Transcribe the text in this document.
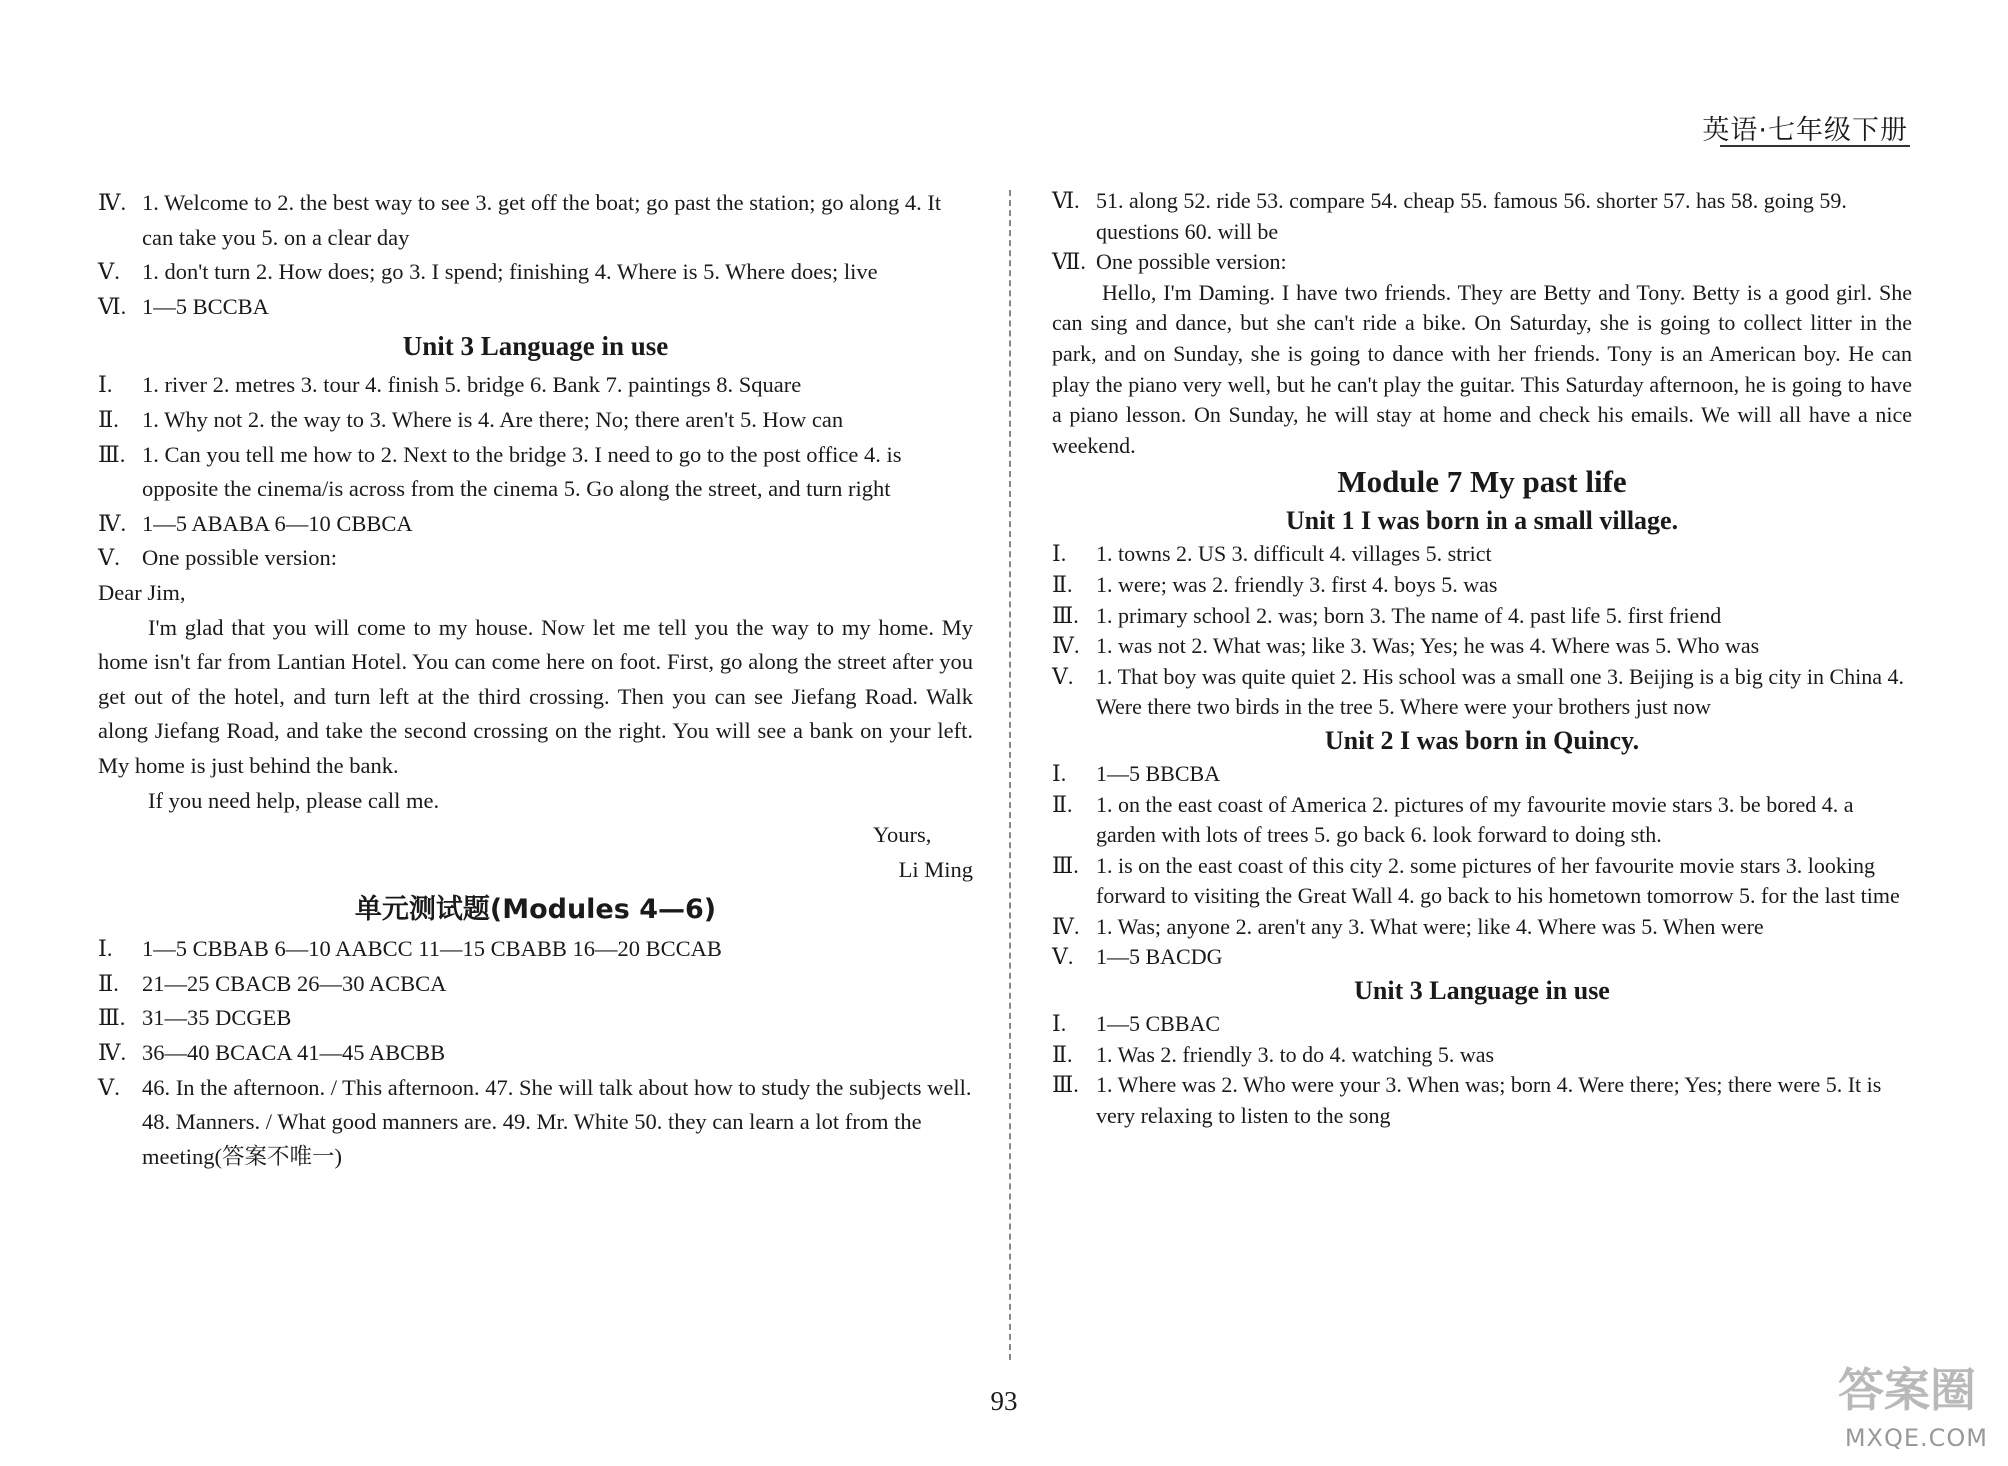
英语·七年级下册
Ⅳ. 1. Welcome to 2. the best way to see 3. get off the boat; go past the station; go along 4. It can take you 5. on a clear day
Ⅴ. 1. don't turn 2. How does; go 3. I spend; finishing 4. Where is 5. Where does; live
Ⅵ. 1—5 BCCBA
Unit 3 Language in use
Ⅰ. 1. river 2. metres 3. tour 4. finish 5. bridge 6. Bank 7. paintings 8. Square
Ⅱ. 1. Why not 2. the way to 3. Where is 4. Are there; No; there aren't 5. How can
Ⅲ. 1. Can you tell me how to 2. Next to the bridge 3. I need to go to the post office 4. is opposite the cinema/is across from the cinema 5. Go along the street, and turn right
Ⅳ. 1—5 ABABA 6—10 CBBCA
Ⅴ. One possible version:
Dear Jim,
I'm glad that you will come to my house. Now let me tell you the way to my home. My home isn't far from Lantian Hotel. You can come here on foot. First, go along the street after you get out of the hotel, and turn left at the third crossing. Then you can see Jiefang Road. Walk along Jiefang Road, and take the second crossing on the right. You will see a bank on your left. My home is just behind the bank.
If you need help, please call me.
Yours,
Li Ming
单元测试题(Modules 4—6)
Ⅰ. 1—5 CBBAB 6—10 AABCC 11—15 CBABB 16—20 BCCAB
Ⅱ. 21—25 CBACB 26—30 ACBCA
Ⅲ. 31—35 DCGEB
Ⅳ. 36—40 BCACA 41—45 ABCBB
Ⅴ. 46. In the afternoon. / This afternoon. 47. She will talk about how to study the subjects well. 48. Manners. / What good manners are. 49. Mr. White 50. they can learn a lot from the meeting(答案不唯一)
Ⅵ. 51. along 52. ride 53. compare 54. cheap 55. famous 56. shorter 57. has 58. going 59. questions 60. will be
Ⅶ. One possible version:
Hello, I'm Daming. I have two friends. They are Betty and Tony. Betty is a good girl. She can sing and dance, but she can't ride a bike. On Saturday, she is going to collect litter in the park, and on Sunday, she is going to dance with her friends. Tony is an American boy. He can play the piano very well, but he can't play the guitar. This Saturday afternoon, he is going to have a piano lesson. On Sunday, he will stay at home and check his emails. We will all have a nice weekend.
Module 7 My past life
Unit 1 I was born in a small village.
Ⅰ. 1. towns 2. US 3. difficult 4. villages 5. strict
Ⅱ. 1. were; was 2. friendly 3. first 4. boys 5. was
Ⅲ. 1. primary school 2. was; born 3. The name of 4. past life 5. first friend
Ⅳ. 1. was not 2. What was; like 3. Was; Yes; he was 4. Where was 5. Who was
Ⅴ. 1. That boy was quite quiet 2. His school was a small one 3. Beijing is a big city in China 4. Were there two birds in the tree 5. Where were your brothers just now
Unit 2 I was born in Quincy.
Ⅰ. 1—5 BBCBA
Ⅱ. 1. on the east coast of America 2. pictures of my favourite movie stars 3. be bored 4. a garden with lots of trees 5. go back 6. look forward to doing sth.
Ⅲ. 1. is on the east coast of this city 2. some pictures of her favourite movie stars 3. looking forward to visiting the Great Wall 4. go back to his hometown tomorrow 5. for the last time
Ⅳ. 1. Was; anyone 2. aren't any 3. What were; like 4. Where was 5. When were
Ⅴ. 1—5 BACDG
Unit 3 Language in use
Ⅰ. 1—5 CBBAC
Ⅱ. 1. Was 2. friendly 3. to do 4. watching 5. was
Ⅲ. 1. Where was 2. Who were your 3. When was; born 4. Were there; Yes; there were 5. It is very relaxing to listen to the song
93	答案圈
MXQE.COM
